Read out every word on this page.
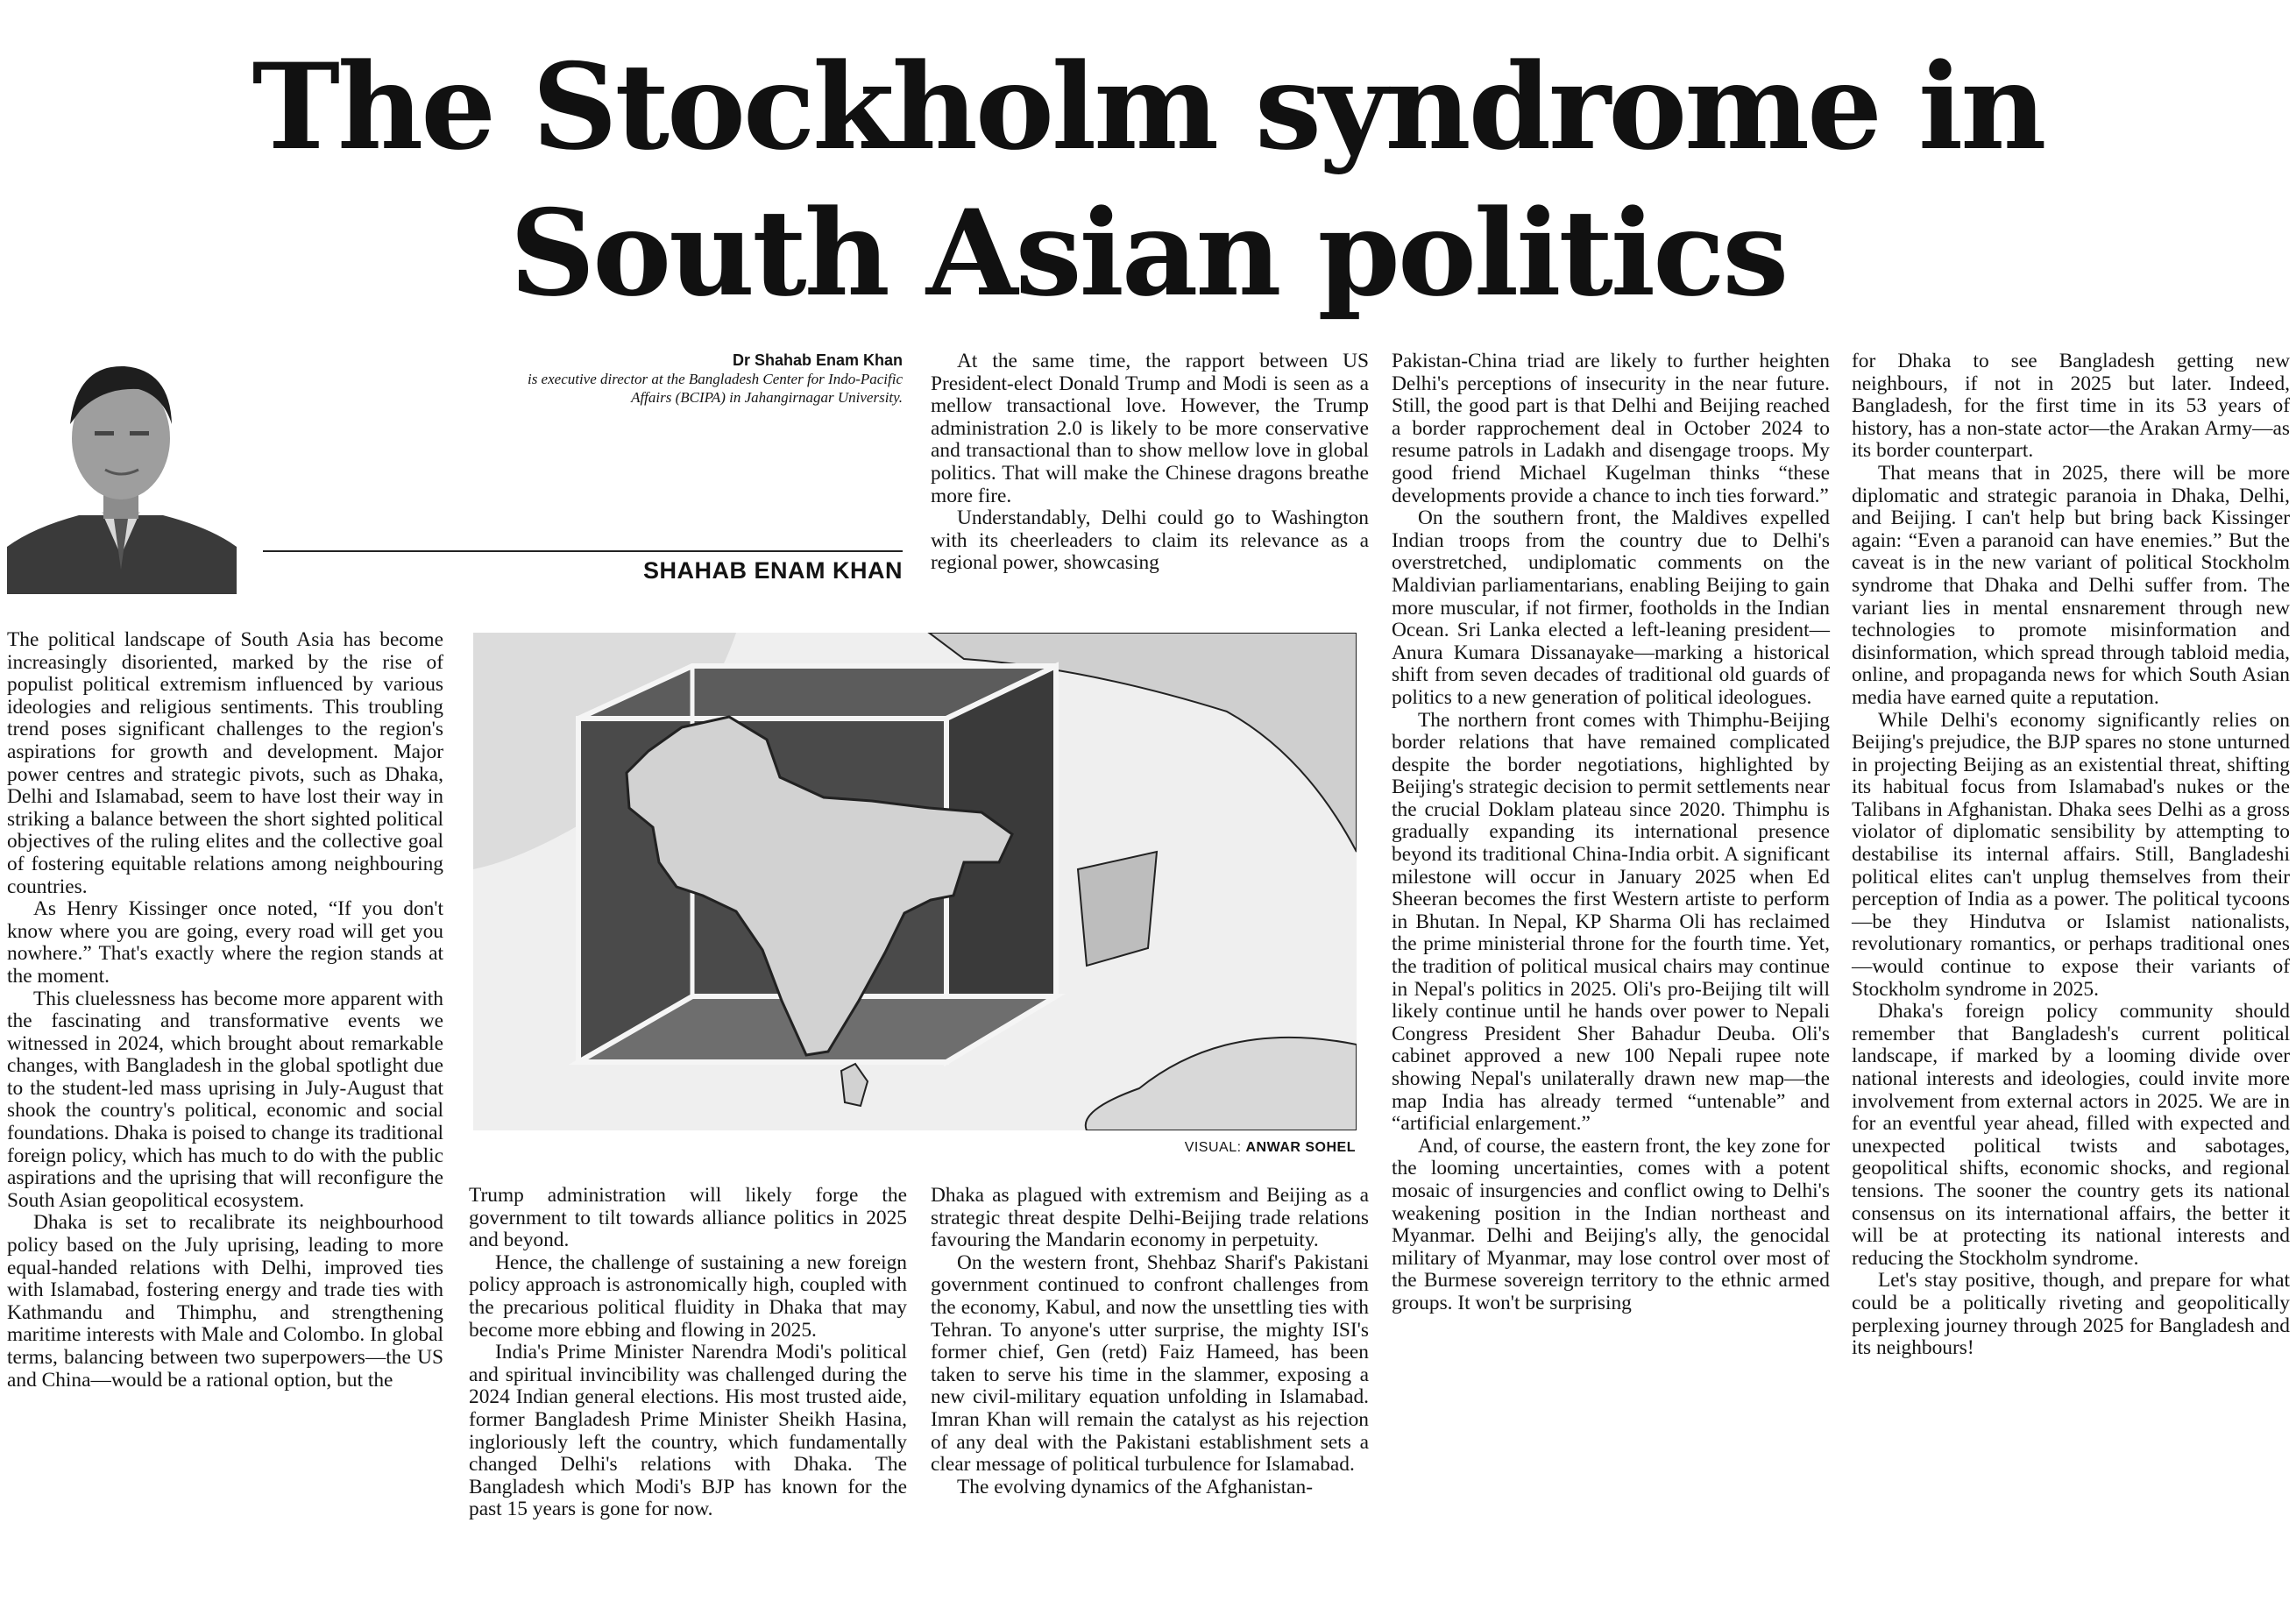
The Stockholm syndrome in
South Asian politics
Dr Shahab Enam Khan
is executive director at the Bangladesh Center for Indo-Pacific
Affairs (BCIPA) in Jahangirnagar University.
SHAHAB ENAM KHAN
VISUAL: ANWAR SOHEL

The political landscape of South Asia has become increasingly disoriented, marked by the rise of populist political extremism influenced by various ideologies and religious sentiments. This troubling trend poses significant challenges to the region's aspirations for growth and development. Major power centres and strategic pivots, such as Dhaka, Delhi and Islamabad, seem to have lost their way in striking a balance between the short sighted political objectives of the ruling elites and the collective goal of fostering equitable relations among neighbouring countries.

As Henry Kissinger once noted, “If you don't know where you are going, every road will get you nowhere.” That's exactly where the region stands at the moment.

This cluelessness has become more apparent with the fascinating and transformative events we witnessed in 2024, which brought about remarkable changes, with Bangladesh in the global spotlight due to the student-led mass uprising in July-August that shook the country's political, economic and social foundations. Dhaka is poised to change its traditional foreign policy, which has much to do with the public aspirations and the uprising that will reconfigure the South Asian geopolitical ecosystem.

Dhaka is set to recalibrate its neighbourhood policy based on the July uprising, leading to more equal-handed relations with Delhi, improved ties with Islamabad, fostering energy and trade ties with Kathmandu and Thimphu, and strengthening maritime interests with Male and Colombo. In global terms, balancing between two superpowers—the US and China—would be a rational option, but the

Trump administration will likely forge the government to tilt towards alliance politics in 2025 and beyond.

Hence, the challenge of sustaining a new foreign policy approach is astronomically high, coupled with the precarious political fluidity in Dhaka that may become more ebbing and flowing in 2025.

India's Prime Minister Narendra Modi's political and spiritual invincibility was challenged during the 2024 Indian general elections. His most trusted aide, former Bangladesh Prime Minister Sheikh Hasina, ingloriously left the country, which fundamentally changed Delhi's relations with Dhaka. The Bangladesh which Modi's BJP has known for the past 15 years is gone for now.

At the same time, the rapport between US President-elect Donald Trump and Modi is seen as a mellow transactional love. However, the Trump administration 2.0 is likely to be more conservative and transactional than to show mellow love in global politics. That will make the Chinese dragons breathe more fire.

Understandably, Delhi could go to Washington with its cheerleaders to claim its relevance as a regional power, showcasing

Dhaka as plagued with extremism and Beijing as a strategic threat despite Delhi-Beijing trade relations favouring the Mandarin economy in perpetuity.

On the western front, Shehbaz Sharif's Pakistani government continued to confront challenges from the economy, Kabul, and now the unsettling ties with Tehran. To anyone's utter surprise, the mighty ISI's former chief, Gen (retd) Faiz Hameed, has been taken to serve his time in the slammer, exposing a new civil-military equation unfolding in Islamabad. Imran Khan will remain the catalyst as his rejection of any deal with the Pakistani establishment sets a clear message of political turbulence for Islamabad.

The evolving dynamics of the Afghanistan-

Pakistan-China triad are likely to further heighten Delhi's perceptions of insecurity in the near future. Still, the good part is that Delhi and Beijing reached a border rapprochement deal in October 2024 to resume patrols in Ladakh and disengage troops. My good friend Michael Kugelman thinks “these developments provide a chance to inch ties forward.”

On the southern front, the Maldives expelled Indian troops from the country due to Delhi's overstretched, undiplomatic comments on the Maldivian parliamentarians, enabling Beijing to gain more muscular, if not firmer, footholds in the Indian Ocean. Sri Lanka elected a left-leaning president—Anura Kumara Dissanayake—marking a historical shift from seven decades of traditional old guards of politics to a new generation of political ideologues.

The northern front comes with Thimphu-Beijing border relations that have remained complicated despite the border negotiations, highlighted by Beijing's strategic decision to permit settlements near the crucial Doklam plateau since 2020. Thimphu is gradually expanding its international presence beyond its traditional China-India orbit. A significant milestone will occur in January 2025 when Ed Sheeran becomes the first Western artiste to perform in Bhutan. In Nepal, KP Sharma Oli has reclaimed the prime ministerial throne for the fourth time. Yet, the tradition of political musical chairs may continue in Nepal's politics in 2025. Oli's pro-Beijing tilt will likely continue until he hands over power to Nepali Congress President Sher Bahadur Deuba. Oli's cabinet approved a new 100 Nepali rupee note showing Nepal's unilaterally drawn new map—the map India has already termed “untenable” and “artificial enlargement.”

And, of course, the eastern front, the key zone for the looming uncertainties, comes with a potent mosaic of insurgencies and conflict owing to Delhi's weakening position in the Indian northeast and Myanmar. Delhi and Beijing's ally, the genocidal military of Myanmar, may lose control over most of the Burmese sovereign territory to the ethnic armed groups. It won't be surprising

for Dhaka to see Bangladesh getting new neighbours, if not in 2025 but later. Indeed, Bangladesh, for the first time in its 53 years of history, has a non-state actor—the Arakan Army—as its border counterpart.

That means that in 2025, there will be more diplomatic and strategic paranoia in Dhaka, Delhi, and Beijing. I can't help but bring back Kissinger again: “Even a paranoid can have enemies.” But the caveat is in the new variant of political Stockholm syndrome that Dhaka and Delhi suffer from. The variant lies in mental ensnarement through new technologies to promote misinformation and disinformation, which spread through tabloid media, online, and propaganda news for which South Asian media have earned quite a reputation.

While Delhi's economy significantly relies on Beijing's prejudice, the BJP spares no stone unturned in projecting Beijing as an existential threat, shifting its habitual focus from Islamabad's nukes or the Talibans in Afghanistan. Dhaka sees Delhi as a gross violator of diplomatic sensibility by attempting to destabilise its internal affairs. Still, Bangladeshi political elites can't unplug themselves from their perception of India as a power. The political tycoons—be they Hindutva or Islamist nationalists, revolutionary romantics, or perhaps traditional ones—would continue to expose their variants of Stockholm syndrome in 2025.

Dhaka's foreign policy community should remember that Bangladesh's current political landscape, if marked by a looming divide over national interests and ideologies, could invite more involvement from external actors in 2025. We are in for an eventful year ahead, filled with expected and unexpected political twists and sabotages, geopolitical shifts, economic shocks, and regional tensions. The sooner the country gets its national consensus on its international affairs, the better it will be at protecting its national interests and reducing the Stockholm syndrome.

Let's stay positive, though, and prepare for what could be a politically riveting and geopolitically perplexing journey through 2025 for Bangladesh and its neighbours!
